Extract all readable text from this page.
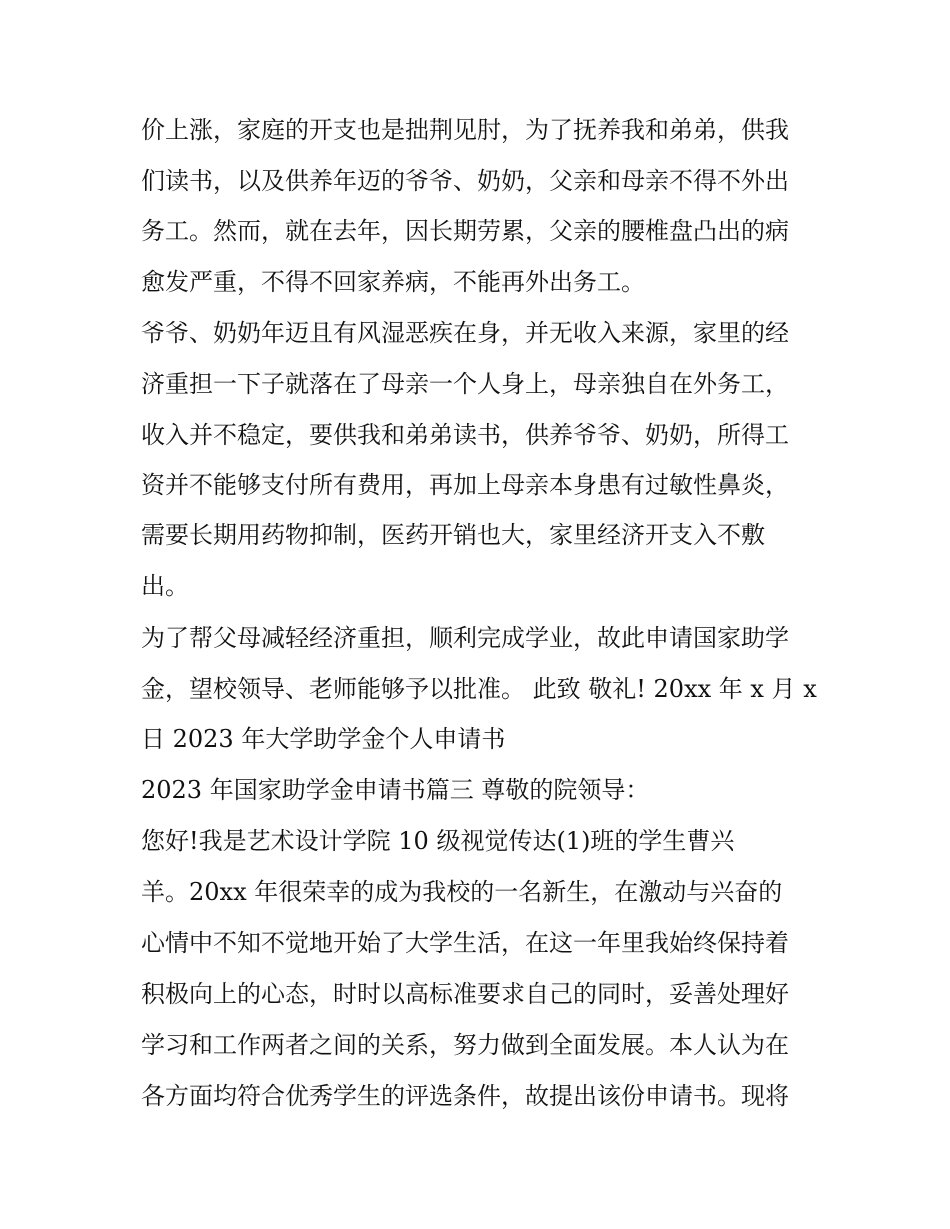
价上涨，家庭的开支也是拙荆见肘，为了抚养我和弟弟，供我
们读书，以及供养年迈的爷爷、奶奶，父亲和母亲不得不外出
务工。然而，就在去年，因长期劳累，父亲的腰椎盘凸出的病
愈发严重，不得不回家养病，不能再外出务工。
爷爷、奶奶年迈且有风湿恶疾在身，并无收入来源，家里的经
济重担一下子就落在了母亲一个人身上，母亲独自在外务工，
收入并不稳定，要供我和弟弟读书，供养爷爷、奶奶，所得工
资并不能够支付所有费用，再加上母亲本身患有过敏性鼻炎，
需要长期用药物抑制，医药开销也大，家里经济开支入不敷
出。
为了帮父母减轻经济重担，顺利完成学业，故此申请国家助学
金，望校领导、老师能够予以批准。 此致 敬礼! 20xx 年 x 月 x
日 2023 年大学助学金个人申请书
2023 年国家助学金申请书篇三 尊敬的院领导：
您好!我是艺术设计学院 10 级视觉传达(1)班的学生曹兴
羊。20xx 年很荣幸的成为我校的一名新生，在激动与兴奋的
心情中不知不觉地开始了大学生活，在这一年里我始终保持着
积极向上的心态，时时以高标准要求自己的同时，妥善处理好
学习和工作两者之间的关系，努力做到全面发展。本人认为在
各方面均符合优秀学生的评选条件，故提出该份申请书。现将
